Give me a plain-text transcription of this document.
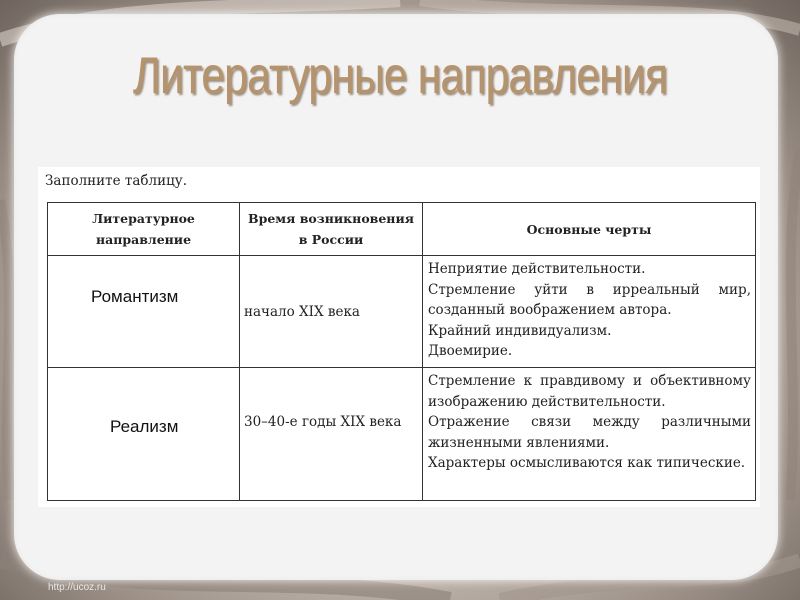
Литературные направления
Заполните таблицу.
Литературное направление	Время возникновения в России	Основные черты

Романтизм	начало XIX века	Неприятие действительности.
Стремление уйти в ирреальный мир, созданный воображением автора.
Крайний индивидуализм.
Двоемирие.

Реализм	30–40-е годы XIX века	Стремление к правдивому и объективному изображению действительности.
Отражение связи между различными жизненными явлениями.
Характеры осмысливаются как типические.
http://ucoz.ru
